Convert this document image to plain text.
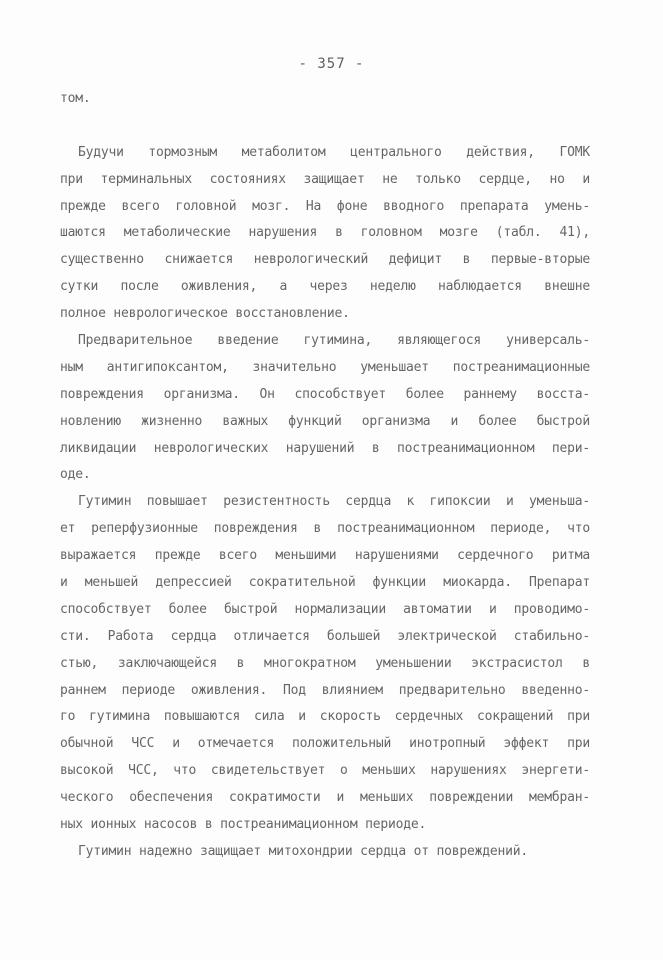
- 357 -
том.
Будучи тормозным метаболитом центрального действия, ГОМК
при терминальных состояниях защищает не только сердце, но и
прежде всего головной мозг. На фоне вводного препарата умень-
шаются метаболические нарушения в головном мозге (табл. 41),
существенно снижается неврологический дефицит в первые-вторые
сутки после оживления, а через неделю наблюдается внешне
полное неврологическое восстановление.
Предварительное введение гутимина, являющегося универсаль-
ным антигипоксантом, значительно уменьшает постреанимационные
повреждения организма. Он способствует более раннему восста-
новлению жизненно важных функций организма и более быстрой
ликвидации неврологических нарушений в постреанимационном пери-
оде.
Гутимин повышает резистентность сердца к гипоксии и уменьша-
ет реперфузионные повреждения в постреанимационном периоде, что
выражается прежде всего меньшими нарушениями сердечного ритма
и меньшей депрессией сократительной функции миокарда. Препарат
способствует более быстрой нормализации автоматии и проводимо-
сти. Работа сердца отличается большей электрической стабильно-
стью, заключающейся в многократном уменьшении экстрасистол в
раннем периоде оживления. Под влиянием предварительно введенно-
го гутимина повышаются сила и скорость сердечных сокращений при
обычной ЧСС и отмечается положительный инотропный эффект при
высокой ЧСС, что свидетельствует о меньших нарушениях энергети-
ческого обеспечения сократимости и меньших повреждении мембран-
ных ионных насосов в постреанимационном периоде.
Гутимин надежно защищает митохондрии сердца от повреждений.
